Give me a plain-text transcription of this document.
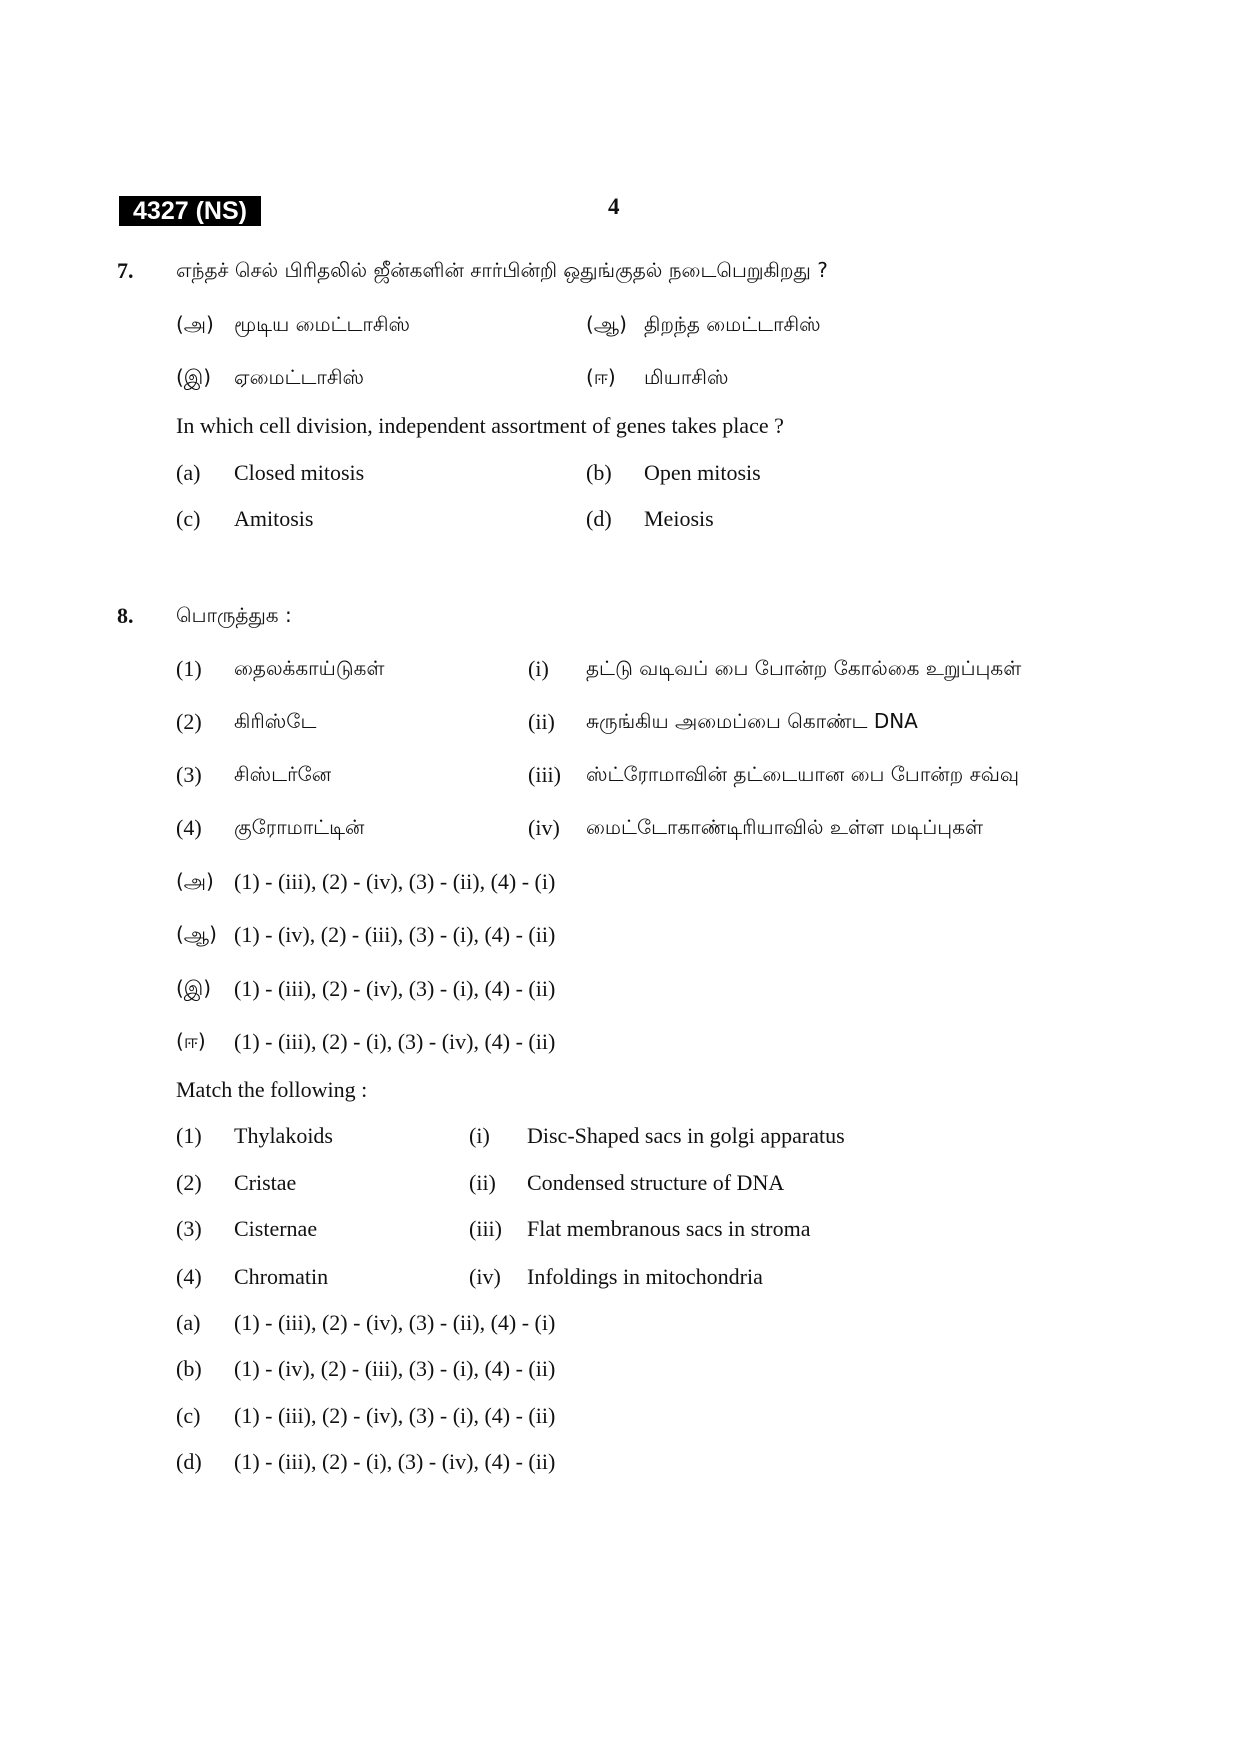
4327 (NS)	4
7. எந்தச் செல் பிரிதலில் ஜீன்களின் சார்பின்றி ஒதுங்குதல் நடைபெறுகிறது ?
(அ) மூடிய மைட்டாசிஸ்	(ஆ) திறந்த மைட்டாசிஸ்
(இ) ஏமைட்டாசிஸ்	(ஈ) மியாசிஸ்
In which cell division, independent assortment of genes takes place ?
(a) Closed mitosis	(b) Open mitosis
(c) Amitosis	(d) Meiosis
8. பொருத்துக :
(1) தைலக்காய்டுகள்	(i) தட்டு வடிவப் பை போன்ற கோல்கை உறுப்புகள்
(2) கிரிஸ்டே	(ii) சுருங்கிய அமைப்பை கொண்ட DNA
(3) சிஸ்டர்னே	(iii) ஸ்ட்ரோமாவின் தட்டையான பை போன்ற சவ்வு
(4) குரோமாட்டின்	(iv) மைட்டோகாண்டிரியாவில் உள்ள மடிப்புகள்
(அ) (1) - (iii), (2) - (iv), (3) - (ii), (4) - (i)
(ஆ) (1) - (iv), (2) - (iii), (3) - (i), (4) - (ii)
(இ) (1) - (iii), (2) - (iv), (3) - (i), (4) - (ii)
(ஈ) (1) - (iii), (2) - (i), (3) - (iv), (4) - (ii)
Match the following :
(1) Thylakoids	(i) Disc-Shaped sacs in golgi apparatus
(2) Cristae	(ii) Condensed structure of DNA
(3) Cisternae	(iii) Flat membranous sacs in stroma
(4) Chromatin	(iv) Infoldings in mitochondria
(a) (1) - (iii), (2) - (iv), (3) - (ii), (4) - (i)
(b) (1) - (iv), (2) - (iii), (3) - (i), (4) - (ii)
(c) (1) - (iii), (2) - (iv), (3) - (i), (4) - (ii)
(d) (1) - (iii), (2) - (i), (3) - (iv), (4) - (ii)
